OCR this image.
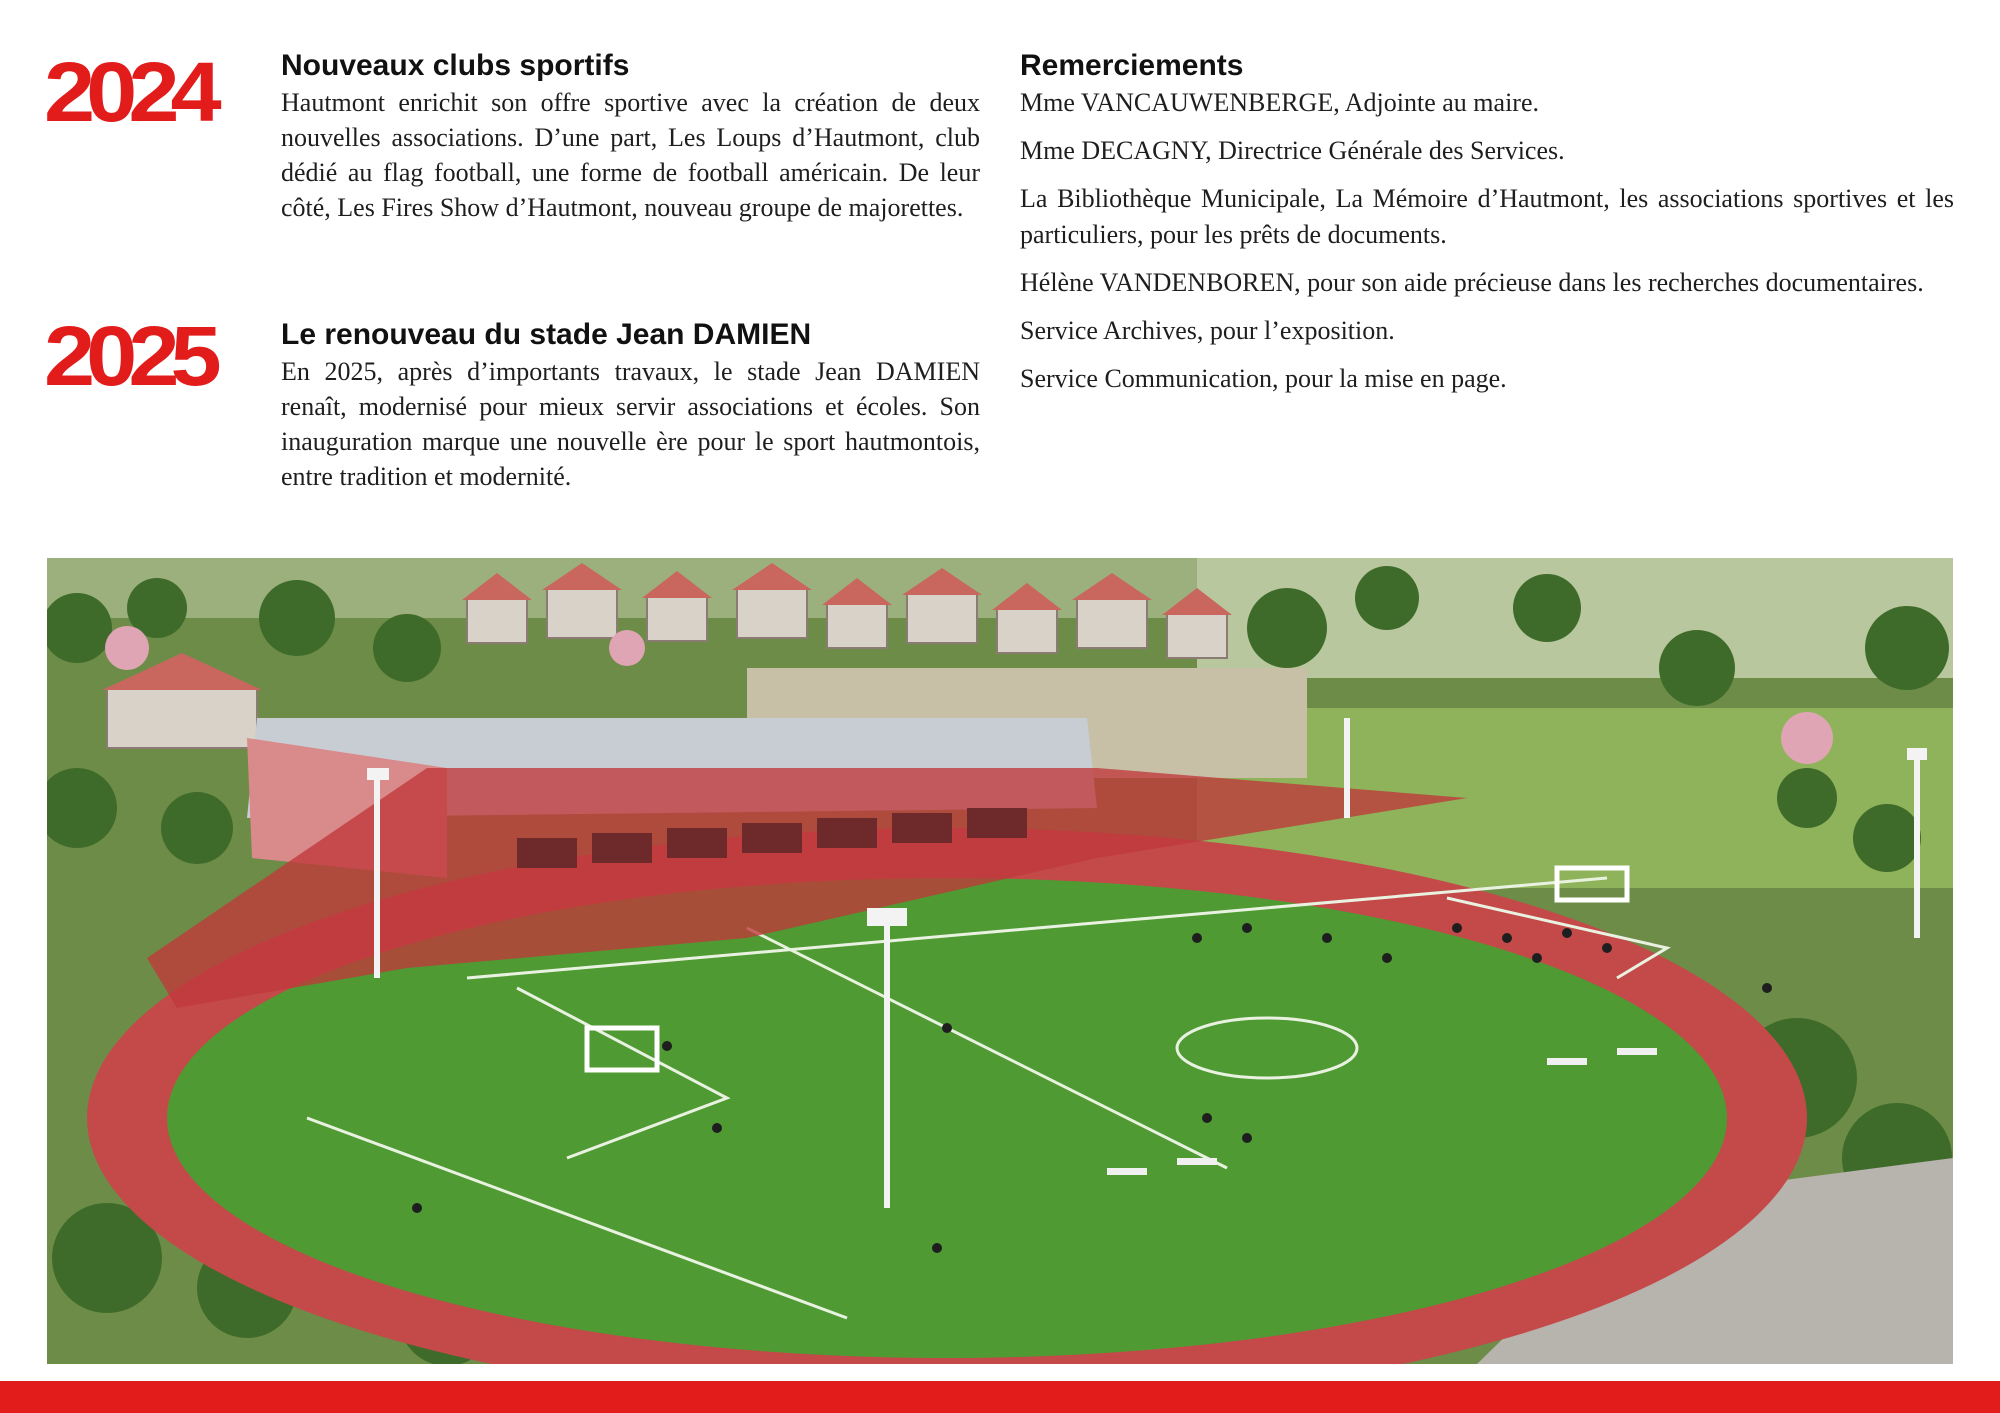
2024	Nouveaux clubs sportifs
Hautmont enrichit son offre sportive avec la création de deux nouvelles associations. D’une part, Les Loups d’Hautmont, club dédié au flag football, une forme de football américain. De leur côté, Les Fires Show d’Hautmont, nouveau groupe de majorettes.
2025	Le renouveau du stade Jean DAMIEN
En 2025, après d’importants travaux, le stade Jean DAMIEN renaît, modernisé pour mieux servir associations et écoles. Son inauguration marque une nouvelle ère pour le sport hautmontois, entre tradition et modernité.
Remerciements
Mme VANCAUWENBERGE, Adjointe au maire.
Mme DECAGNY, Directrice Générale des Services.
La Bibliothèque Municipale, La Mémoire d’Hautmont, les associations sportives et les particuliers, pour les prêts de documents.
Hélène VANDENBOREN, pour son aide précieuse dans les recherches documentaires.
Service Archives, pour l’exposition.
Service Communication, pour la mise en page.
